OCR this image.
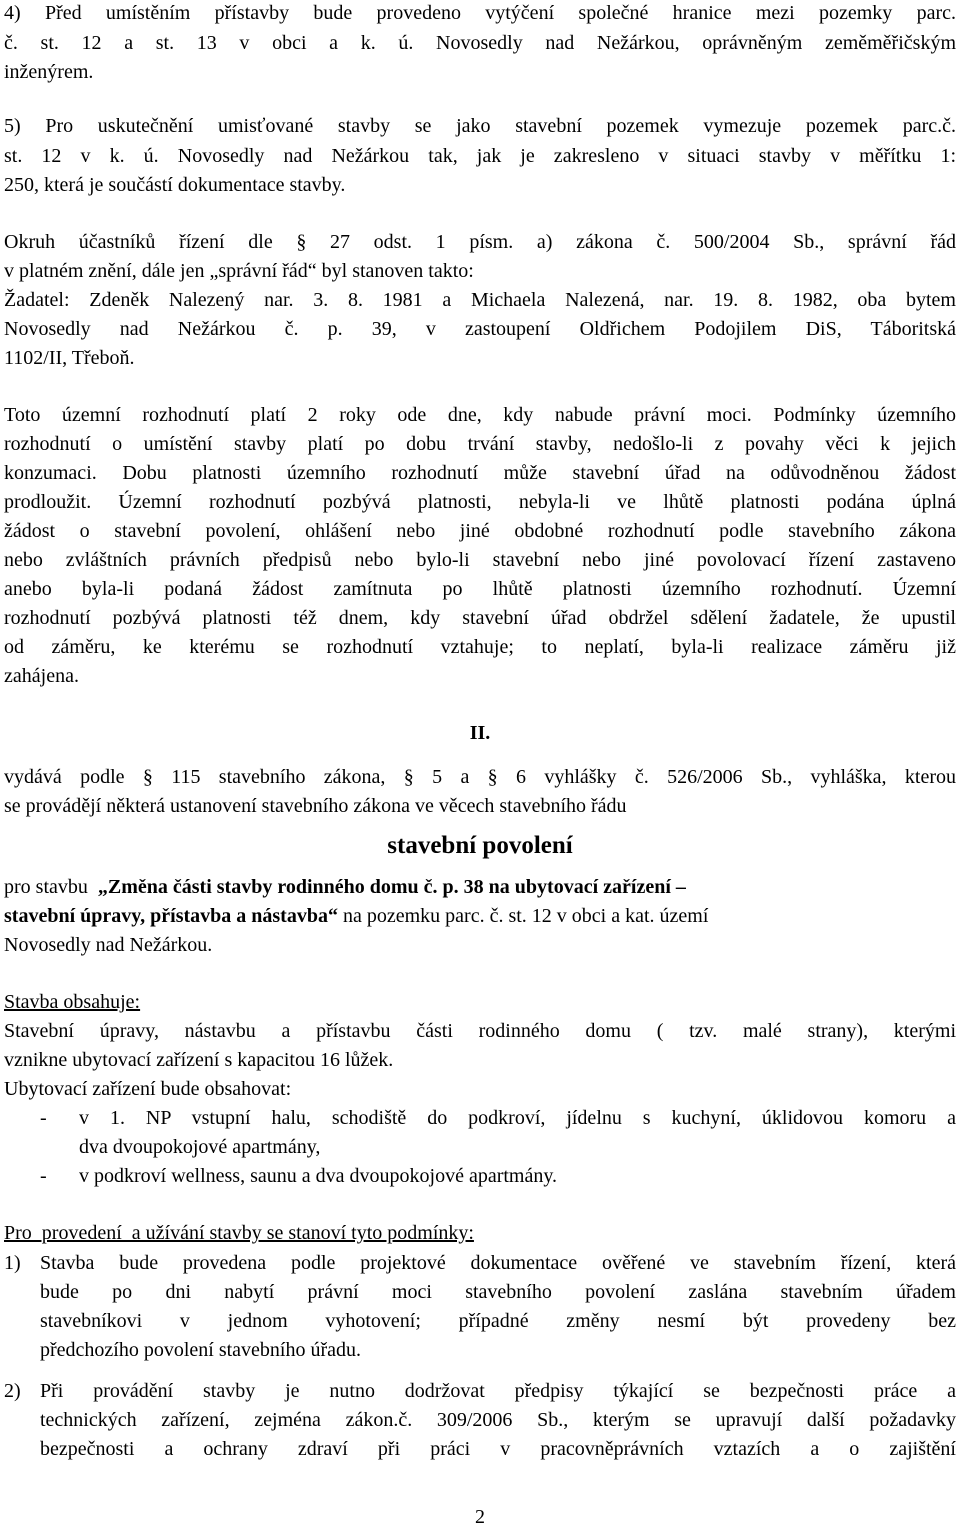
4) Před umístěním přístavby bude provedeno vytýčení společné hranice mezi pozemky parc.
č. st. 12 a st. 13 v obci a k. ú. Novosedly nad Nežárkou, oprávněným zeměměřičským
inženýrem.
5) Pro uskutečnění umisťované stavby se jako stavební pozemek vymezuje pozemek parc.č.
st. 12 v k. ú. Novosedly nad Nežárkou tak, jak je zakresleno v situaci stavby v měřítku 1:
250, která je součástí dokumentace stavby.
Okruh účastníků řízení dle § 27 odst. 1 písm. a) zákona č. 500/2004 Sb., správní řád
v platném znění, dále jen „správní řád“ byl stanoven takto:
Žadatel: Zdeněk Nalezený nar. 3. 8. 1981 a Michaela Nalezená, nar. 19. 8. 1982, oba bytem
Novosedly nad Nežárkou č. p. 39, v zastoupení Oldřichem Podojilem DiS, Táboritská
1102/II, Třeboň.
Toto územní rozhodnutí platí 2 roky ode dne, kdy nabude právní moci. Podmínky územního
rozhodnutí o umístění stavby platí po dobu trvání stavby, nedošlo-li z povahy věci k jejich
konzumaci. Dobu platnosti územního rozhodnutí může stavební úřad na odůvodněnou žádost
prodloužit. Územní rozhodnutí pozbývá platnosti, nebyla-li ve lhůtě platnosti podána úplná
žádost o stavební povolení, ohlášení nebo jiné obdobné rozhodnutí podle stavebního zákona
nebo zvláštních právních předpisů nebo bylo-li stavební nebo jiné povolovací řízení zastaveno
anebo byla-li podaná žádost zamítnuta po lhůtě platnosti územního rozhodnutí. Územní
rozhodnutí pozbývá platnosti též dnem, kdy stavební úřad obdržel sdělení žadatele, že upustil
od záměru, ke kterému se rozhodnutí vztahuje; to neplatí, byla-li realizace záměru již
zahájena.
II.
vydává podle § 115 stavebního zákona, § 5 a § 6 vyhlášky č. 526/2006 Sb., vyhláška, kterou
se provádějí některá ustanovení stavebního zákona ve věcech stavebního řádu
stavební povolení
pro stavbu  „Změna části stavby rodinného domu č. p. 38 na ubytovací zařízení –
stavební úpravy, přístavba a nástavba“ na pozemku parc. č. st. 12 v obci a kat. území
Novosedly nad Nežárkou.
Stavba obsahuje:
Stavební úpravy, nástavbu a přístavbu části rodinného domu ( tzv. malé strany), kterými
vznikne ubytovací zařízení s kapacitou 16 lůžek.
Ubytovací zařízení bude obsahovat:
- v 1. NP vstupní halu, schodiště do podkroví, jídelnu s kuchyní, úklidovou komoru a
dva dvoupokojové apartmány,
- v podkroví wellness, saunu a dva dvoupokojové apartmány.
Pro  provedení  a užívání stavby se stanoví tyto podmínky:
1) Stavba bude provedena podle projektové dokumentace ověřené ve stavebním řízení, která
bude po dni nabytí právní moci stavebního povolení zaslána stavebním úřadem
stavebníkovi v jednom vyhotovení; případné změny nesmí být provedeny bez
předchozího povolení stavebního úřadu.
2) Při provádění stavby je nutno dodržovat předpisy týkající se bezpečnosti práce a
technických zařízení, zejména zákon.č. 309/2006 Sb., kterým se upravují další požadavky
bezpečnosti a ochrany zdraví při práci v pracovněprávních vztazích a o zajištění
2
